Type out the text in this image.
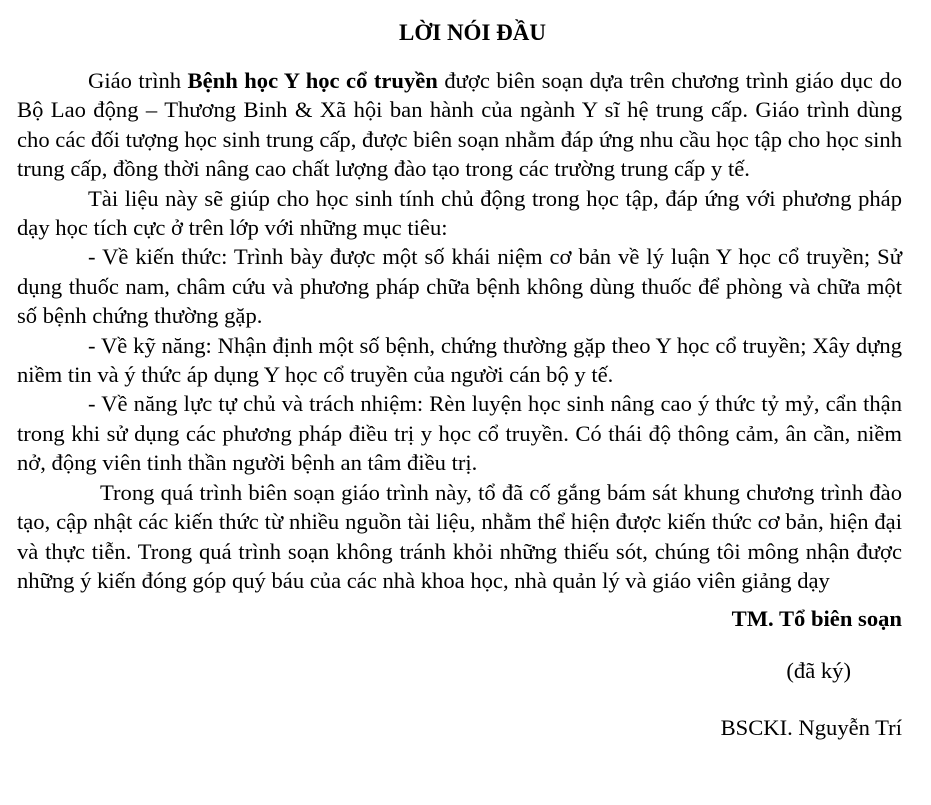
LỜI NÓI ĐẦU

Giáo trình Bệnh học Y học cổ truyền được biên soạn dựa trên chương trình giáo dục do Bộ Lao động – Thương Binh & Xã hội ban hành của ngành Y sĩ hệ trung cấp. Giáo trình dùng cho các đối tượng học sinh trung cấp, được biên soạn nhằm đáp ứng nhu cầu học tập cho học sinh trung cấp, đồng thời nâng cao chất lượng đào tạo trong các trường trung cấp y tế.

Tài liệu này sẽ giúp cho học sinh tính chủ động trong học tập, đáp ứng với phương pháp dạy học tích cực ở trên lớp với những mục tiêu:

- Về kiến thức: Trình bày được một số khái niệm cơ bản về lý luận Y học cổ truyền; Sử dụng thuốc nam, châm cứu và phương pháp chữa bệnh không dùng thuốc để phòng và chữa một số bệnh chứng thường gặp.

- Về kỹ năng: Nhận định một số bệnh, chứng thường gặp theo Y học cổ truyền; Xây dựng niềm tin và ý thức áp dụng Y học cổ truyền của người cán bộ y tế.

- Về năng lực tự chủ và trách nhiệm: Rèn luyện học sinh nâng cao ý thức tỷ mỷ, cẩn thận trong khi sử dụng các phương pháp điều trị y học cổ truyền. Có thái độ thông cảm, ân cần, niềm nở, động viên tinh thần người bệnh an tâm điều trị.

Trong quá trình biên soạn giáo trình này, tổ đã cố gắng bám sát khung chương trình đào tạo, cập nhật các kiến thức từ nhiều nguồn tài liệu, nhằm thể hiện được kiến thức cơ bản, hiện đại và thực tiễn. Trong quá trình soạn không tránh khỏi những thiếu sót, chúng tôi mông nhận được những ý kiến đóng góp quý báu của các nhà khoa học, nhà quản lý và giáo viên giảng dạy

TM. Tổ biên soạn
(đã ký)
BSCKI. Nguyễn Trí
